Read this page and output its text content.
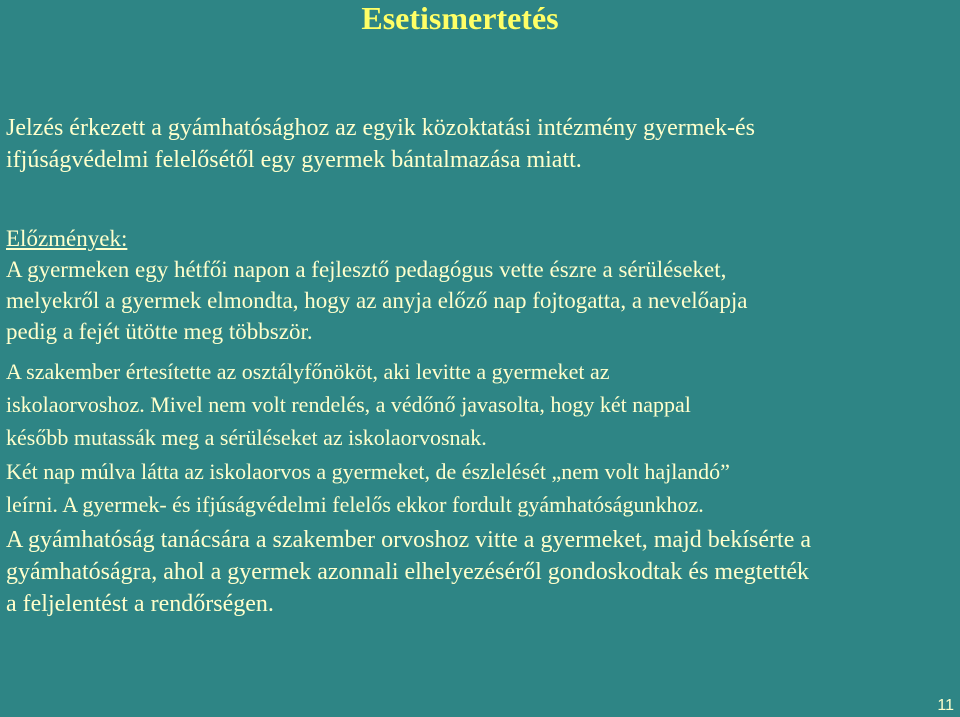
Esetismertetés

Jelzés érkezett a gyámhatósághoz az egyik közoktatási intézmény gyermek-és
ifjúságvédelmi felelősétől egy gyermek bántalmazása miatt.

Előzmények:
A gyermeken egy hétfői napon a fejlesztő pedagógus vette észre a sérüléseket,
melyekről a gyermek elmondta, hogy az anyja előző nap fojtogatta, a nevelőapja
pedig a fejét ütötte meg többször.

A szakember értesítette az osztályfőnököt, aki levitte a gyermeket az
iskolaorvoshoz. Mivel nem volt rendelés, a védőnő javasolta, hogy két nappal
később mutassák meg a sérüléseket az iskolaorvosnak.

Két nap múlva látta az iskolaorvos a gyermeket, de észlelését „nem volt hajlandó”
leírni. A gyermek- és ifjúságvédelmi felelős ekkor fordult gyámhatóságunkhoz.

A gyámhatóság tanácsára a szakember orvoshoz vitte a gyermeket, majd bekísérte a
gyámhatóságra, ahol a gyermek azonnali elhelyezéséről gondoskodtak és megtették
a feljelentést a rendőrségen.

11
